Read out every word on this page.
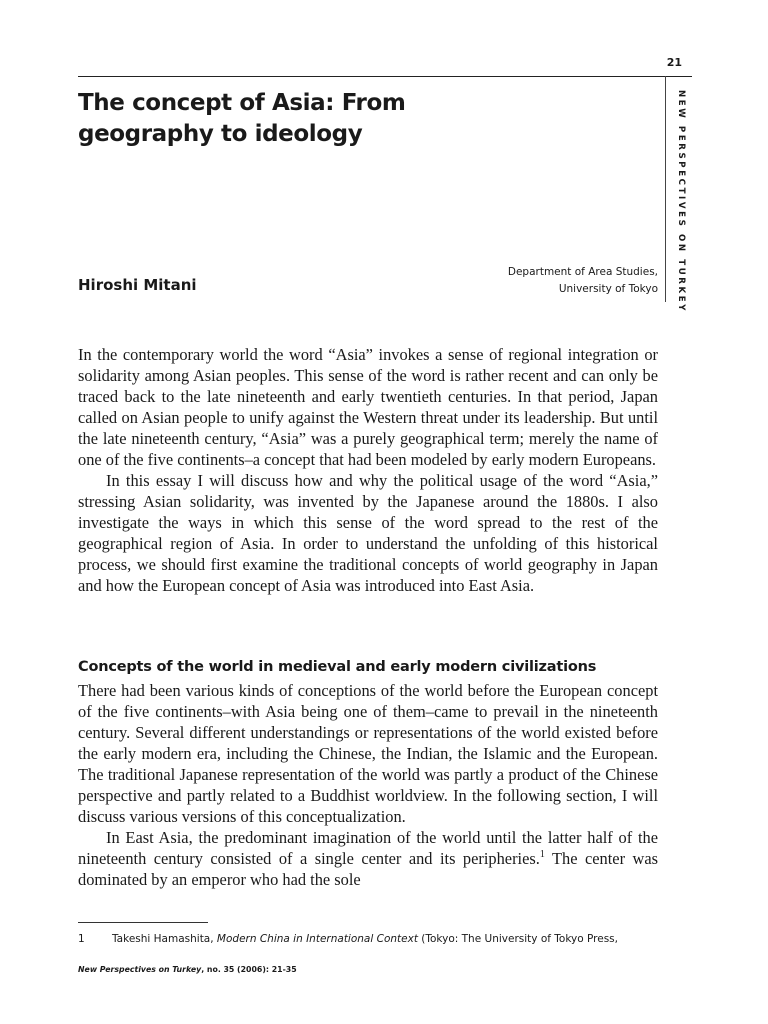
21
NEW PERSPECTIVES ON TURKEY
The concept of Asia: From geography to ideology
Hiroshi Mitani
Department of Area Studies,
University of Tokyo

In the contemporary world the word “Asia” invokes a sense of regional integration or solidarity among Asian peoples. This sense of the word is rather recent and can only be traced back to the late nineteenth and early twentieth centuries. In that period, Japan called on Asian people to unify against the Western threat under its leadership. But until the late nineteenth century, “Asia” was a purely geographical term; merely the name of one of the five continents–a concept that had been modeled by early modern Europeans.

In this essay I will discuss how and why the political usage of the word “Asia,” stressing Asian solidarity, was invented by the Japanese around the 1880s. I also investigate the ways in which this sense of the word spread to the rest of the geographical region of Asia. In order to understand the unfolding of this historical process, we should first examine the traditional concepts of world geography in Japan and how the European concept of Asia was introduced into East Asia.

Concepts of the world in medieval and early modern civilizations

There had been various kinds of conceptions of the world before the European concept of the five continents–with Asia being one of them–came to prevail in the nineteenth century. Several different understandings or representations of the world existed before the early modern era, including the Chinese, the Indian, the Islamic and the European. The traditional Japanese representation of the world was partly a product of the Chinese perspective and partly related to a Buddhist worldview. In the following section, I will discuss various versions of this conceptualization.

In East Asia, the predominant imagination of the world until the latter half of the nineteenth century consisted of a single center and its peripheries.$^1$ The center was dominated by an emperor who had the sole

1	Takeshi Hamashita, Modern China in International Context (Tokyo: The University of Tokyo Press,
New Perspectives on Turkey, no. 35 (2006): 21-35
